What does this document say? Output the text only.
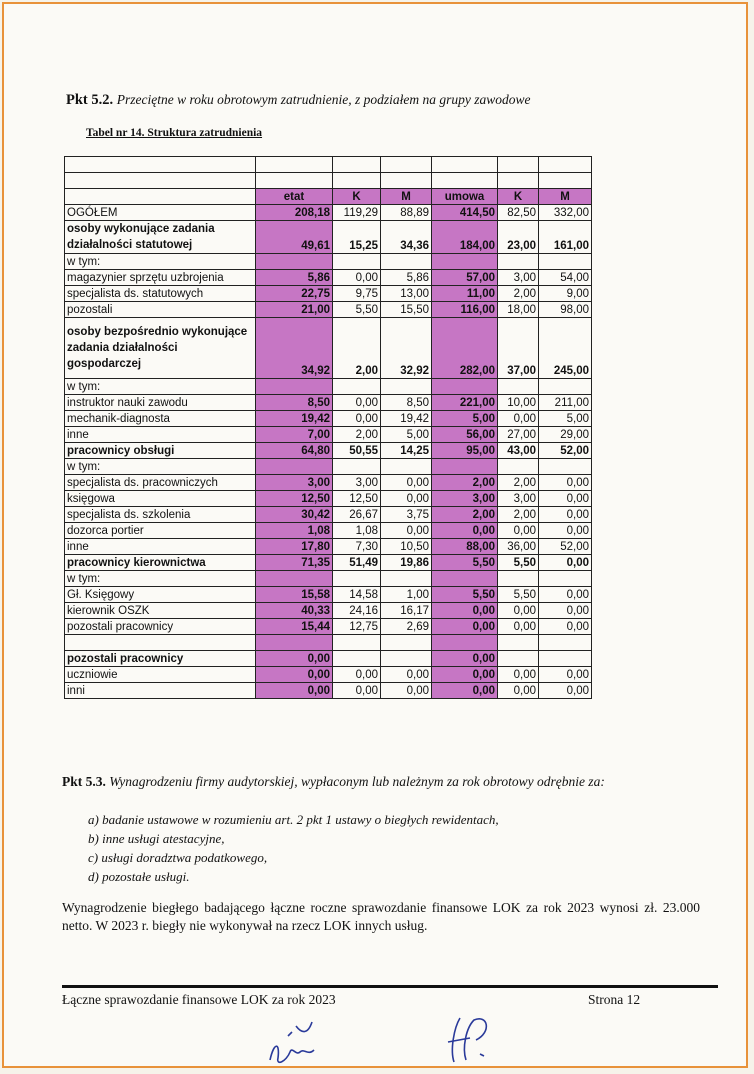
Pkt 5.2. Przeciętne w roku obrotowym zatrudnienie, z podziałem na grupy zawodowe
Tabel nr 14. Struktura zatrudnienia

	etat	K	M	umowa	K	M
OGÓŁEM	208,18	119,29	88,89	414,50	82,50	332,00
osoby wykonujące zadania działalności statutowej	49,61	15,25	34,36	184,00	23,00	161,00
w tym:						
magazynier sprzętu uzbrojenia	5,86	0,00	5,86	57,00	3,00	54,00
specjalista ds. statutowych	22,75	9,75	13,00	11,00	2,00	9,00
pozostali	21,00	5,50	15,50	116,00	18,00	98,00
osoby bezpośrednio wykonujące zadania działalności gospodarczej	34,92	2,00	32,92	282,00	37,00	245,00
w tym:						
instruktor nauki zawodu	8,50	0,00	8,50	221,00	10,00	211,00
mechanik-diagnosta	19,42	0,00	19,42	5,00	0,00	5,00
inne	7,00	2,00	5,00	56,00	27,00	29,00
pracownicy obsługi	64,80	50,55	14,25	95,00	43,00	52,00
w tym:						
specjalista ds. pracowniczych	3,00	3,00	0,00	2,00	2,00	0,00
księgowa	12,50	12,50	0,00	3,00	3,00	0,00
specjalista ds. szkolenia	30,42	26,67	3,75	2,00	2,00	0,00
dozorca portier	1,08	1,08	0,00	0,00	0,00	0,00
inne	17,80	7,30	10,50	88,00	36,00	52,00
pracownicy kierownictwa	71,35	51,49	19,86	5,50	5,50	0,00
w tym:						
Gł. Księgowy	15,58	14,58	1,00	5,50	5,50	0,00
kierownik OSZK	40,33	24,16	16,17	0,00	0,00	0,00
pozostali pracownicy	15,44	12,75	2,69	0,00	0,00	0,00

pozostali pracownicy	0,00			0,00		
uczniowie	0,00	0,00	0,00	0,00	0,00	0,00
inni	0,00	0,00	0,00	0,00	0,00	0,00
Pkt 5.3. Wynagrodzeniu firmy audytorskiej, wypłaconym lub należnym za rok obrotowy odrębnie za:
a) badanie ustawowe w rozumieniu art. 2 pkt 1 ustawy o biegłych rewidentach,
b) inne usługi atestacyjne,
c) usługi doradztwa podatkowego,
d) pozostałe usługi.
Wynagrodzenie biegłego badającego łączne roczne sprawozdanie finansowe LOK za rok 2023 wynosi zł. 23.000 netto. W 2023 r. biegły nie wykonywał na rzecz LOK innych usług.
Łączne sprawozdanie finansowe LOK za rok 2023	Strona 12
